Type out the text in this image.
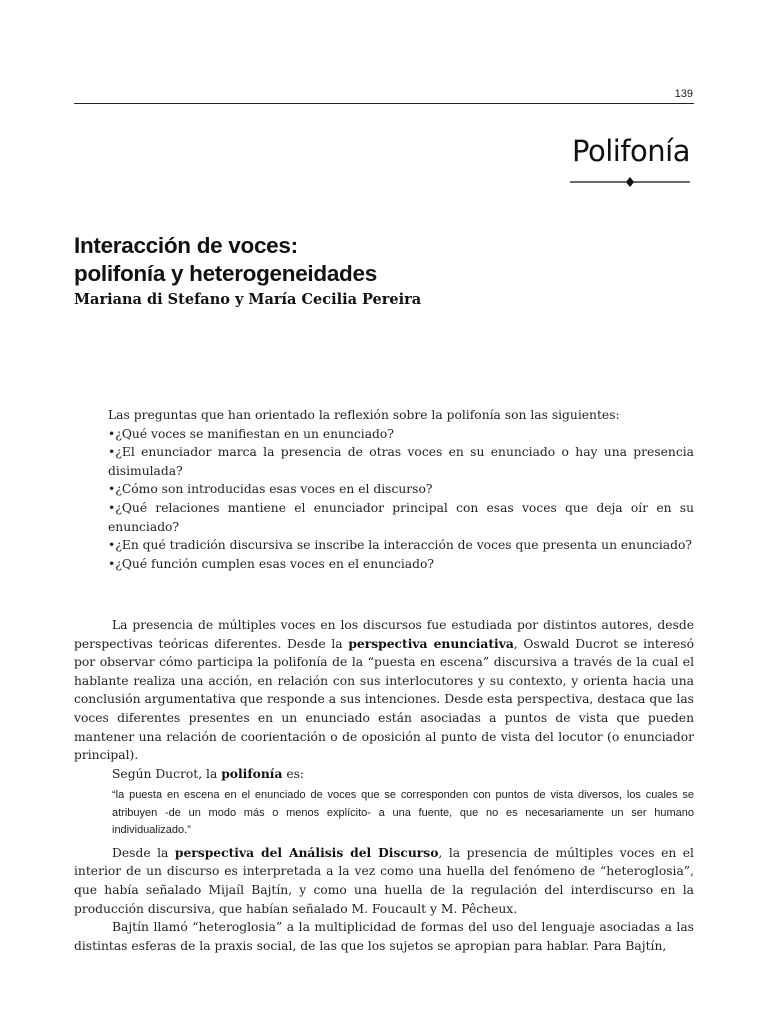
139
Polifonía
Interacción de voces:
polifonía y heterogeneidades
Mariana di Stefano y María Cecilia Pereira
Las preguntas que han orientado la reflexión sobre la polifonía son las siguientes:
•¿Qué voces se manifiestan en un enunciado?
•¿El enunciador marca la presencia de otras voces en su enunciado o hay una presencia disimulada?
•¿Cómo son introducidas esas voces en el discurso?
•¿Qué relaciones mantiene el enunciador principal con esas voces que deja oír en su enunciado?
•¿En qué tradición discursiva se inscribe la interacción de voces que presenta un enunciado?
•¿Qué función cumplen esas voces en el enunciado?

La presencia de múltiples voces en los discursos fue estudiada por distintos autores, desde perspectivas teóricas diferentes. Desde la perspectiva enunciativa, Oswald Ducrot se interesó por observar cómo participa la polifonía de la “puesta en escena” discursiva a través de la cual el hablante realiza una acción, en relación con sus interlocutores y su contexto, y orienta hacia una conclusión argumentativa que responde a sus intenciones. Desde esta perspectiva, destaca que las voces diferentes presentes en un enunciado están asociadas a puntos de vista que pueden mantener una relación de coorientación o de oposición al punto de vista del locutor (o enunciador principal).

Según Ducrot, la polifonía es:

“la puesta en escena en el enunciado de voces que se corresponden con puntos de vista diversos, los cuales se atribuyen -de un modo más o menos explícito- a una fuente, que no es necesariamente un ser humano individualizado.”

Desde la perspectiva del Análisis del Discurso, la presencia de múltiples voces en el interior de un discurso es interpretada a la vez como una huella del fenómeno de “heteroglosia”, que había señalado Mijaíl Bajtín, y como una huella de la regulación del interdiscurso en la producción discursiva, que habían señalado M. Foucault y M. Pêcheux.

Bajtín llamó “heteroglosia” a la multiplicidad de formas del uso del lenguaje asociadas a las distintas esferas de la praxis social, de las que los sujetos se apropian para hablar. Para Bajtín,
